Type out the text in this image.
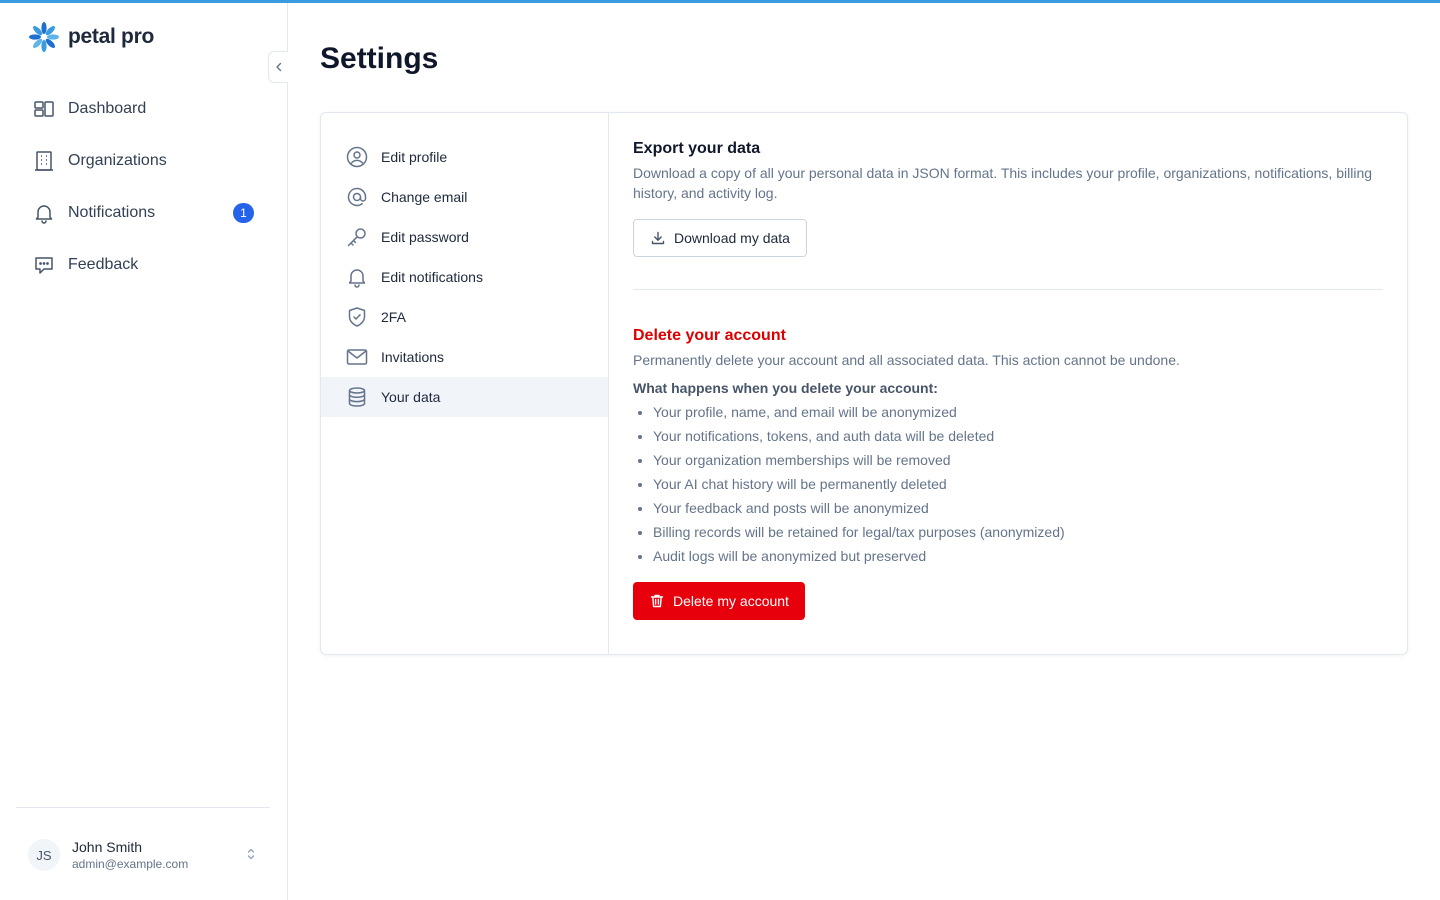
petal pro
Dashboard
Organizations
Notifications	1
Feedback
JS	John Smith
admin@example.com
Settings
Edit profile
Change email
Edit password
Edit notifications
2FA
Invitations
Your data
Export your data

Download a copy of all your personal data in JSON format. This includes your profile, organizations, notifications, billing history, and activity log.

Download my data
Delete your account

Permanently delete your account and all associated data. This action cannot be undone.

What happens when you delete your account:

• Your profile, name, and email will be anonymized
• Your notifications, tokens, and auth data will be deleted
• Your organization memberships will be removed
• Your AI chat history will be permanently deleted
• Your feedback and posts will be anonymized
• Billing records will be retained for legal/tax purposes (anonymized)
• Audit logs will be anonymized but preserved
Delete my account
